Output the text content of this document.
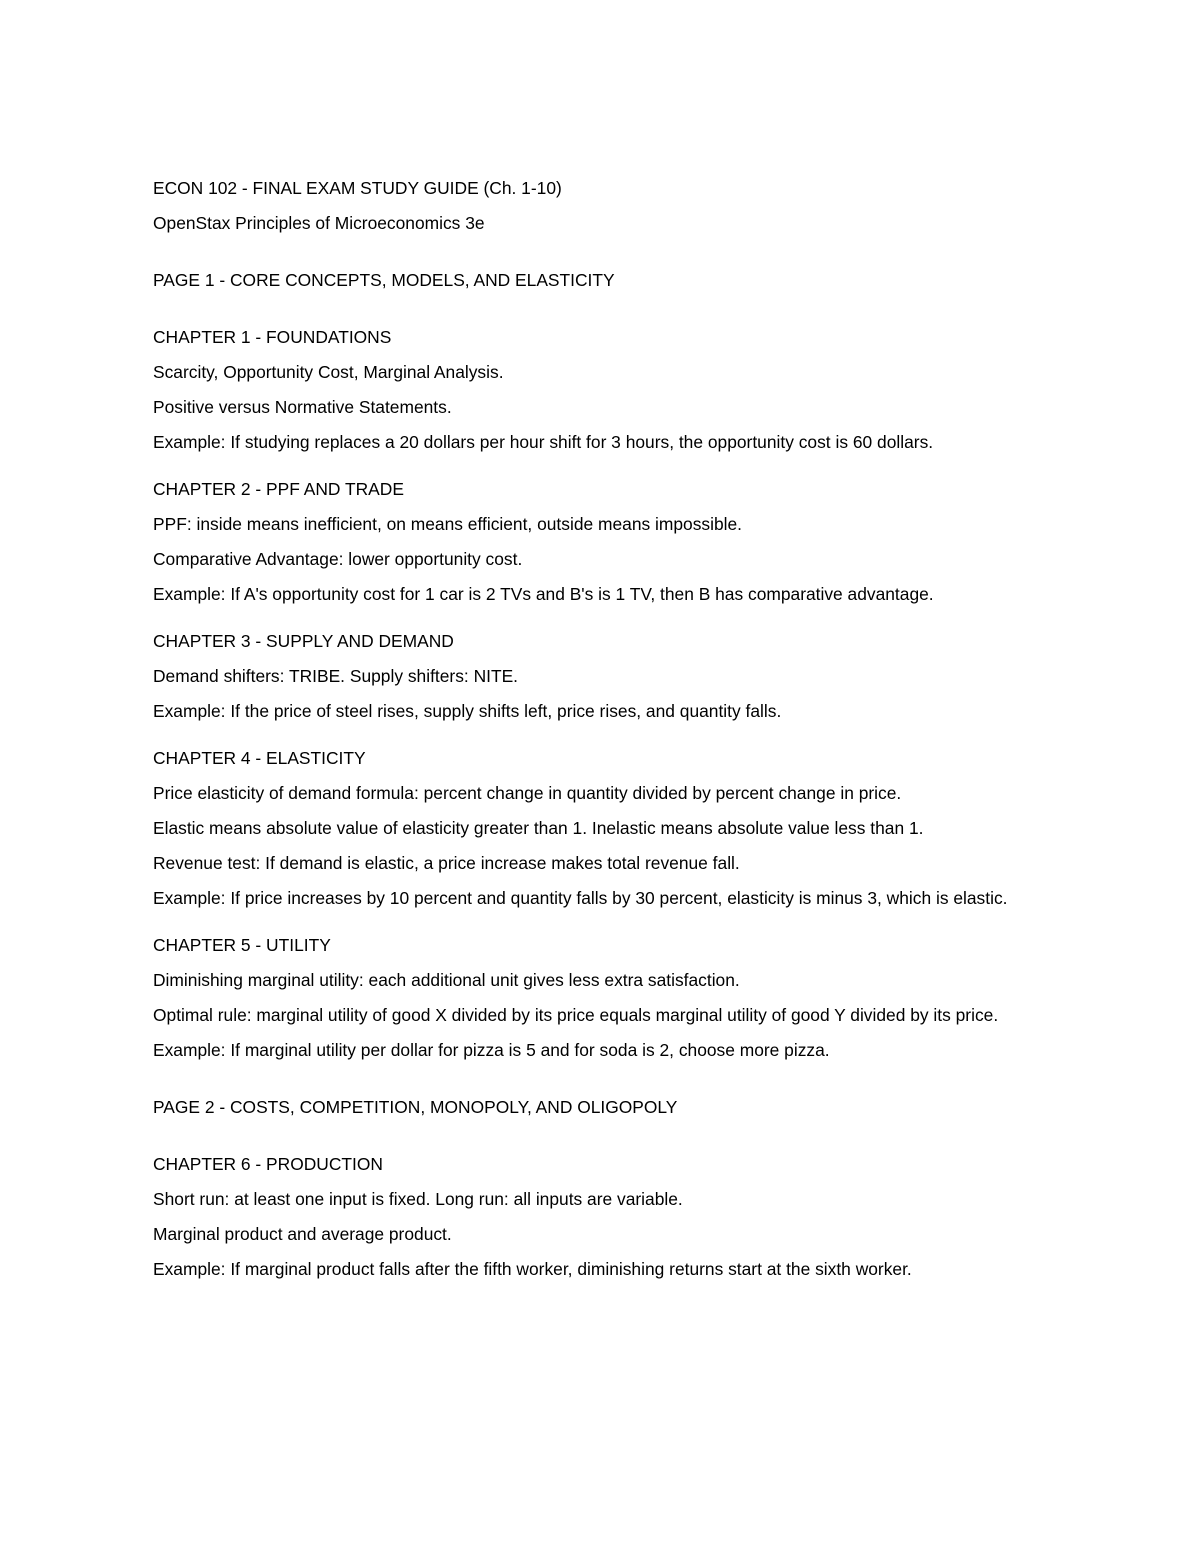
ECON 102 - FINAL EXAM STUDY GUIDE (Ch. 1-10)

OpenStax Principles of Microeconomics 3e

PAGE 1 - CORE CONCEPTS, MODELS, AND ELASTICITY

CHAPTER 1 - FOUNDATIONS

Scarcity, Opportunity Cost, Marginal Analysis.

Positive versus Normative Statements.

Example: If studying replaces a 20 dollars per hour shift for 3 hours, the opportunity cost is 60 dollars.

CHAPTER 2 - PPF AND TRADE

PPF: inside means inefficient, on means efficient, outside means impossible.

Comparative Advantage: lower opportunity cost.

Example: If A's opportunity cost for 1 car is 2 TVs and B's is 1 TV, then B has comparative advantage.

CHAPTER 3 - SUPPLY AND DEMAND

Demand shifters: TRIBE. Supply shifters: NITE.

Example: If the price of steel rises, supply shifts left, price rises, and quantity falls.

CHAPTER 4 - ELASTICITY

Price elasticity of demand formula: percent change in quantity divided by percent change in price.

Elastic means absolute value of elasticity greater than 1. Inelastic means absolute value less than 1.

Revenue test: If demand is elastic, a price increase makes total revenue fall.

Example: If price increases by 10 percent and quantity falls by 30 percent, elasticity is minus 3, which is elastic.

CHAPTER 5 - UTILITY

Diminishing marginal utility: each additional unit gives less extra satisfaction.

Optimal rule: marginal utility of good X divided by its price equals marginal utility of good Y divided by its price.

Example: If marginal utility per dollar for pizza is 5 and for soda is 2, choose more pizza.

PAGE 2 - COSTS, COMPETITION, MONOPOLY, AND OLIGOPOLY

CHAPTER 6 - PRODUCTION

Short run: at least one input is fixed. Long run: all inputs are variable.

Marginal product and average product.

Example: If marginal product falls after the fifth worker, diminishing returns start at the sixth worker.
